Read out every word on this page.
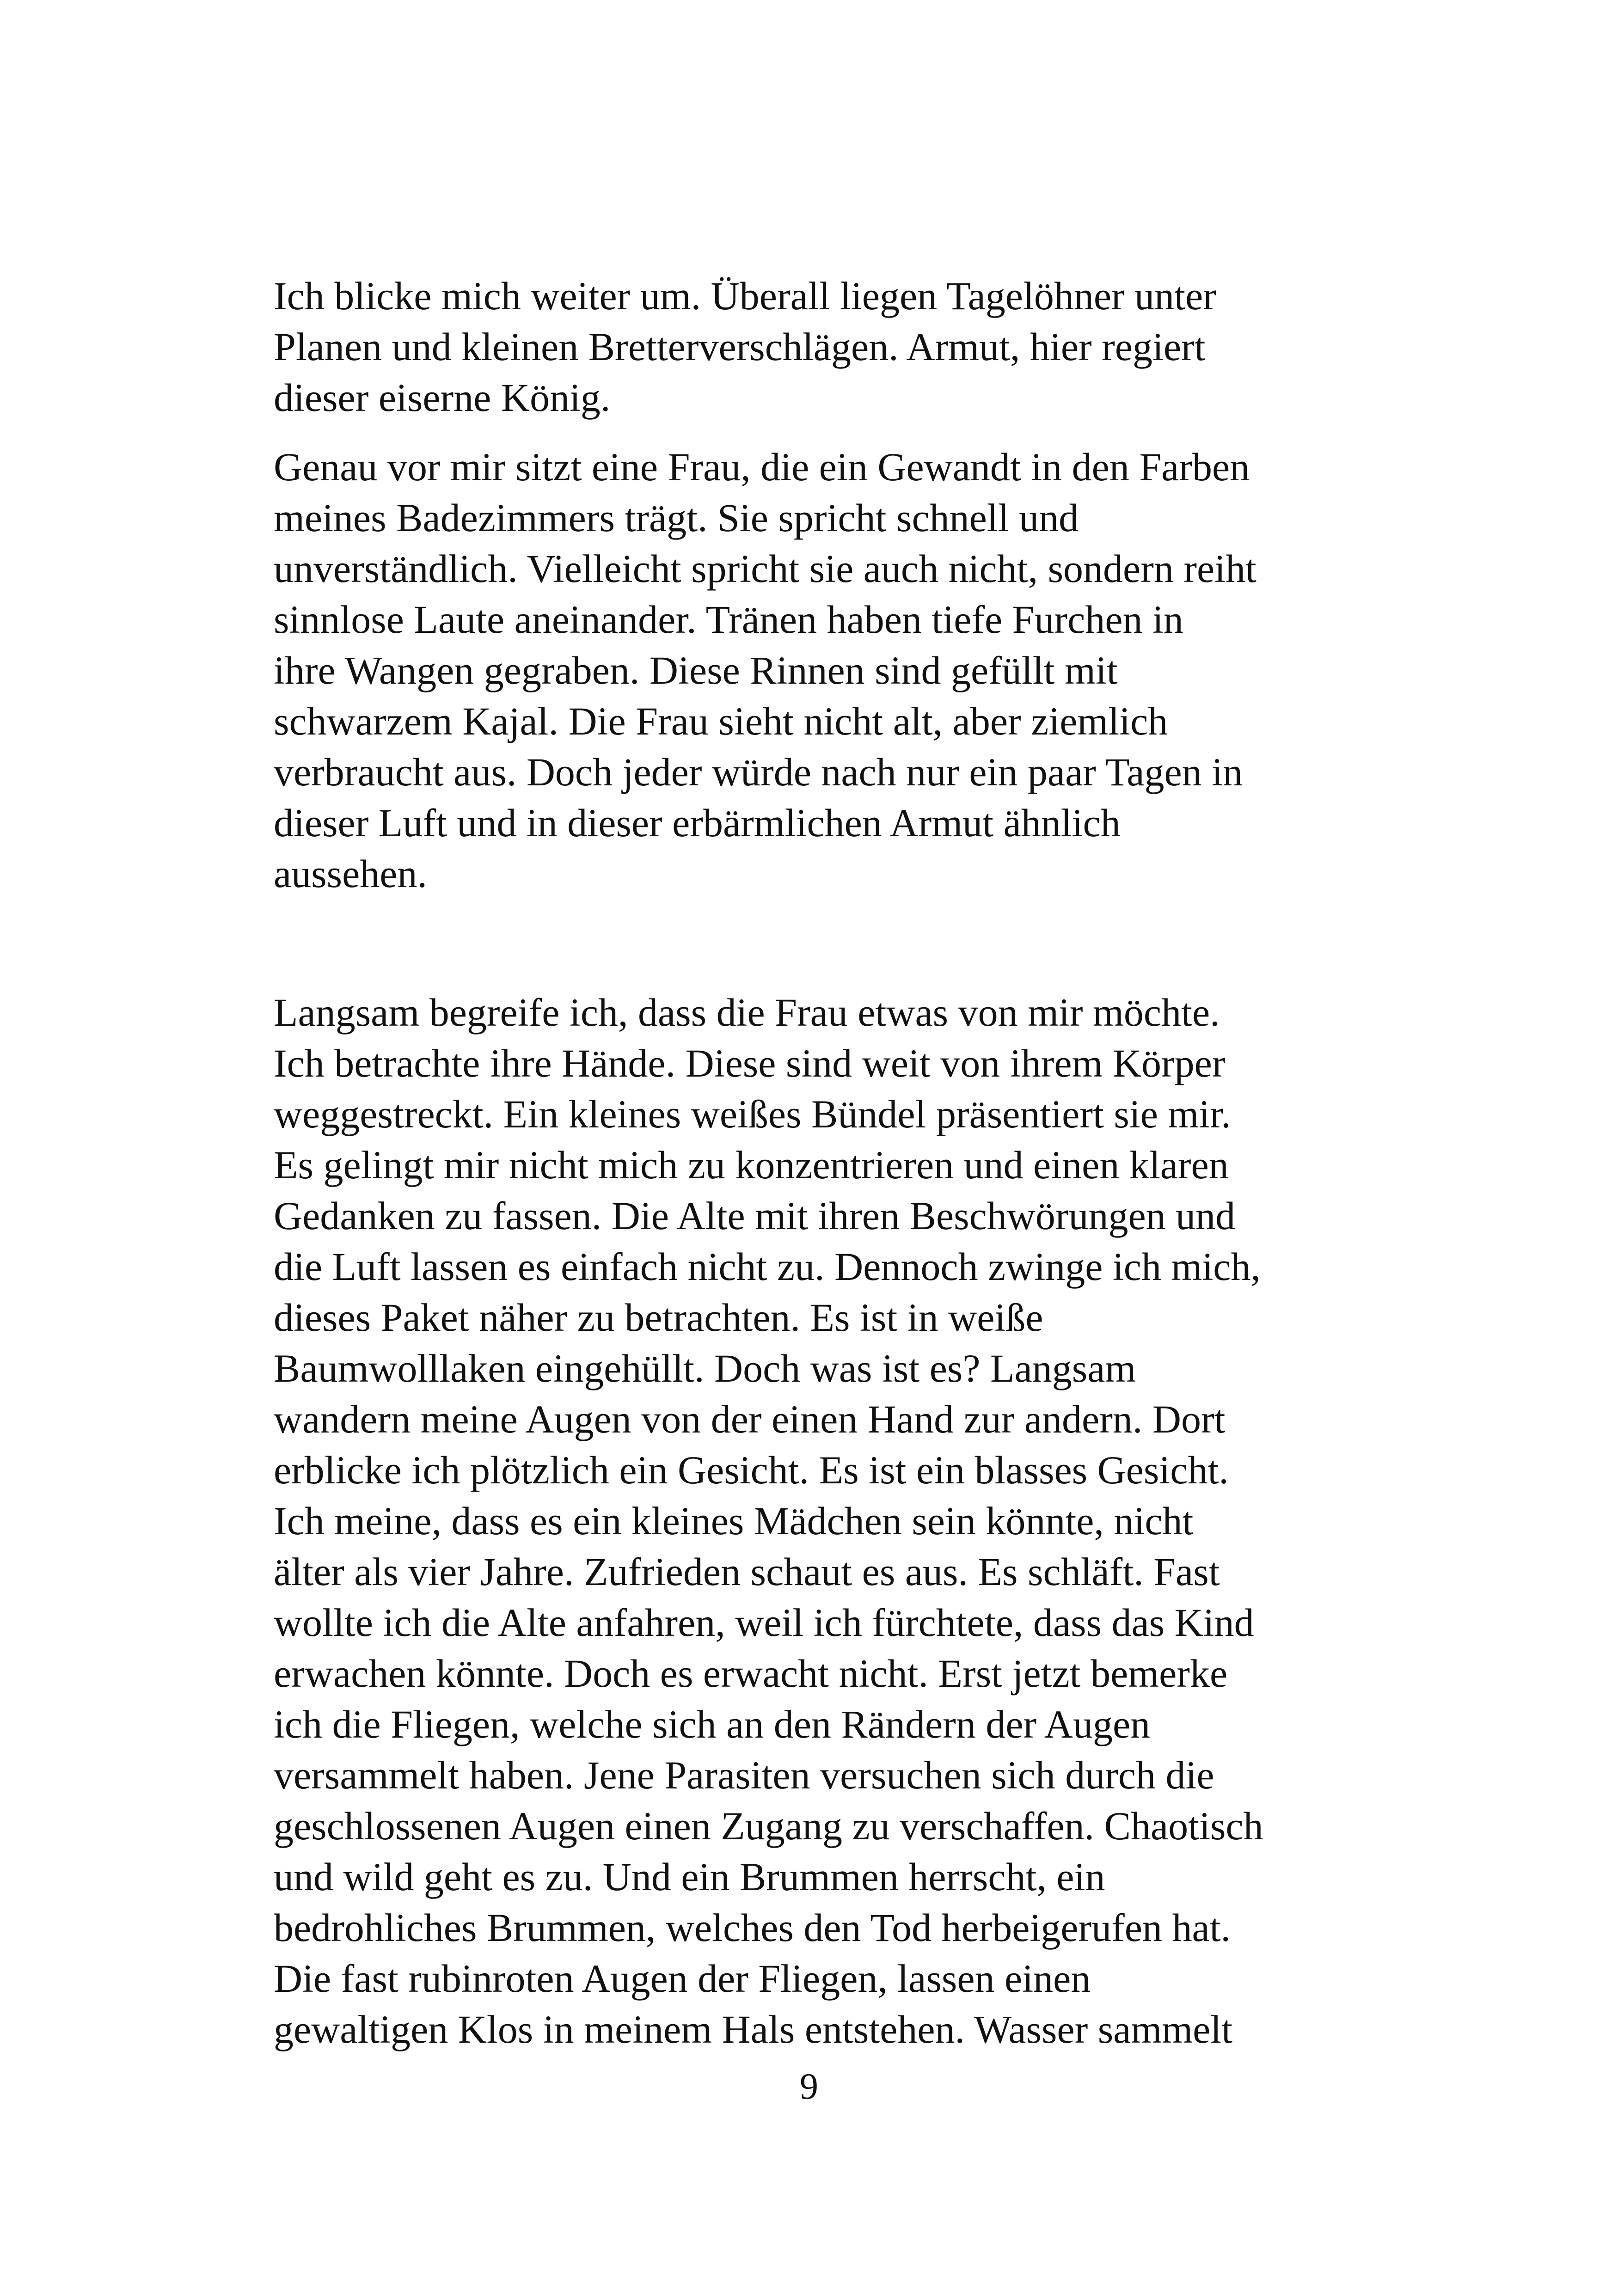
Ich blicke mich weiter um. Überall liegen Tagelöhner unter
Planen und kleinen Bretterverschlägen. Armut, hier regiert
dieser eiserne König.
Genau vor mir sitzt eine Frau, die ein Gewandt in den Farben
meines Badezimmers trägt. Sie spricht schnell und
unverständlich. Vielleicht spricht sie auch nicht, sondern reiht
sinnlose Laute aneinander. Tränen haben tiefe Furchen in
ihre Wangen gegraben. Diese Rinnen sind gefüllt mit
schwarzem Kajal. Die Frau sieht nicht alt, aber ziemlich
verbraucht aus. Doch jeder würde nach nur ein paar Tagen in
dieser Luft und in dieser erbärmlichen Armut ähnlich
aussehen.
Langsam begreife ich, dass die Frau etwas von mir möchte.
Ich betrachte ihre Hände. Diese sind weit von ihrem Körper
weggestreckt. Ein kleines weißes Bündel präsentiert sie mir.
Es gelingt mir nicht mich zu konzentrieren und einen klaren
Gedanken zu fassen. Die Alte mit ihren Beschwörungen und
die Luft lassen es einfach nicht zu. Dennoch zwinge ich mich,
dieses Paket näher zu betrachten. Es ist in weiße
Baumwolllaken eingehüllt. Doch was ist es? Langsam
wandern meine Augen von der einen Hand zur andern. Dort
erblicke ich plötzlich ein Gesicht. Es ist ein blasses Gesicht.
Ich meine, dass es ein kleines Mädchen sein könnte, nicht
älter als vier Jahre. Zufrieden schaut es aus. Es schläft. Fast
wollte ich die Alte anfahren, weil ich fürchtete, dass das Kind
erwachen könnte. Doch es erwacht nicht. Erst jetzt bemerke
ich die Fliegen, welche sich an den Rändern der Augen
versammelt haben. Jene Parasiten versuchen sich durch die
geschlossenen Augen einen Zugang zu verschaffen. Chaotisch
und wild geht es zu. Und ein Brummen herrscht, ein
bedrohliches Brummen, welches den Tod herbeigerufen hat.
Die fast rubinroten Augen der Fliegen, lassen einen
gewaltigen Klos in meinem Hals entstehen. Wasser sammelt
9
